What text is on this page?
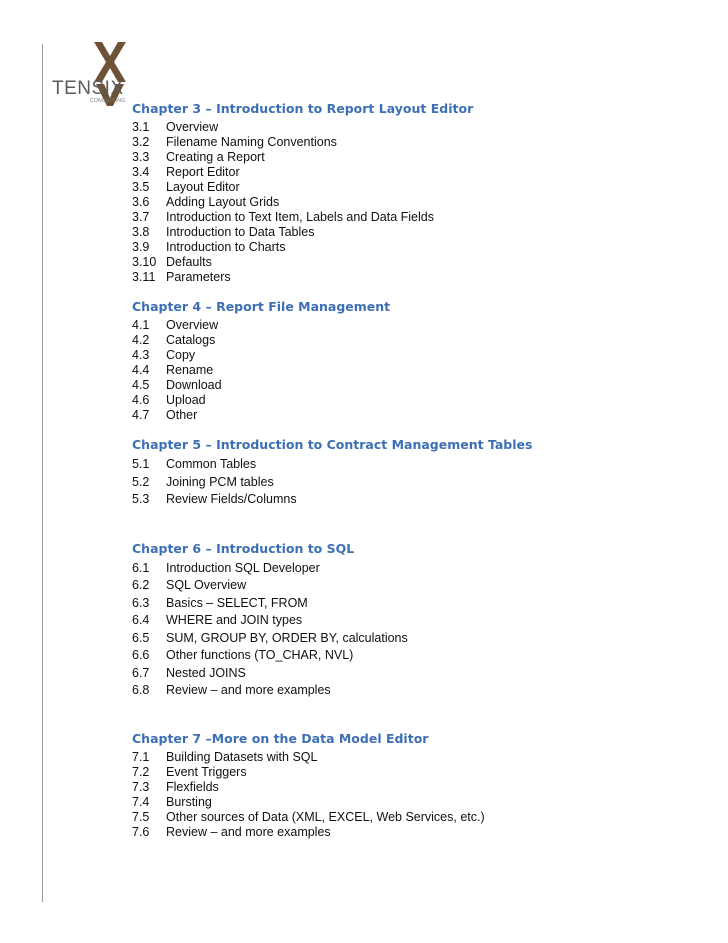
TENSIX
CONSULTING Chapter 3 – Introduction to Report Layout Editor
3.1	Overview
3.2	Filename Naming Conventions
3.3	Creating a Report
3.4	Report Editor
3.5	Layout Editor
3.6	Adding Layout Grids
3.7	Introduction to Text Item, Labels and Data Fields
3.8	Introduction to Data Tables
3.9	Introduction to Charts
3.10 Defaults
3.11 Parameters
Chapter 4 – Report File Management
4.1	Overview
4.2	Catalogs
4.3	Copy
4.4	Rename
4.5	Download
4.6	Upload
4.7	Other
Chapter 5 – Introduction to Contract Management Tables
5.1	Common Tables
5.2	Joining PCM tables
5.3	Review Fields/Columns
Chapter 6 – Introduction to SQL
6.1	Introduction SQL Developer
6.2	SQL Overview
6.3	Basics – SELECT, FROM
6.4	WHERE and JOIN types
6.5	SUM, GROUP BY, ORDER BY, calculations
6.6	Other functions (TO_CHAR, NVL)
6.7	Nested JOINS
6.8	Review – and more examples
Chapter 7 –More on the Data Model Editor
7.1	Building Datasets with SQL
7.2	Event Triggers
7.3	Flexfields
7.4	Bursting
7.5	Other sources of Data (XML, EXCEL, Web Services, etc.)
7.6	Review – and more examples
